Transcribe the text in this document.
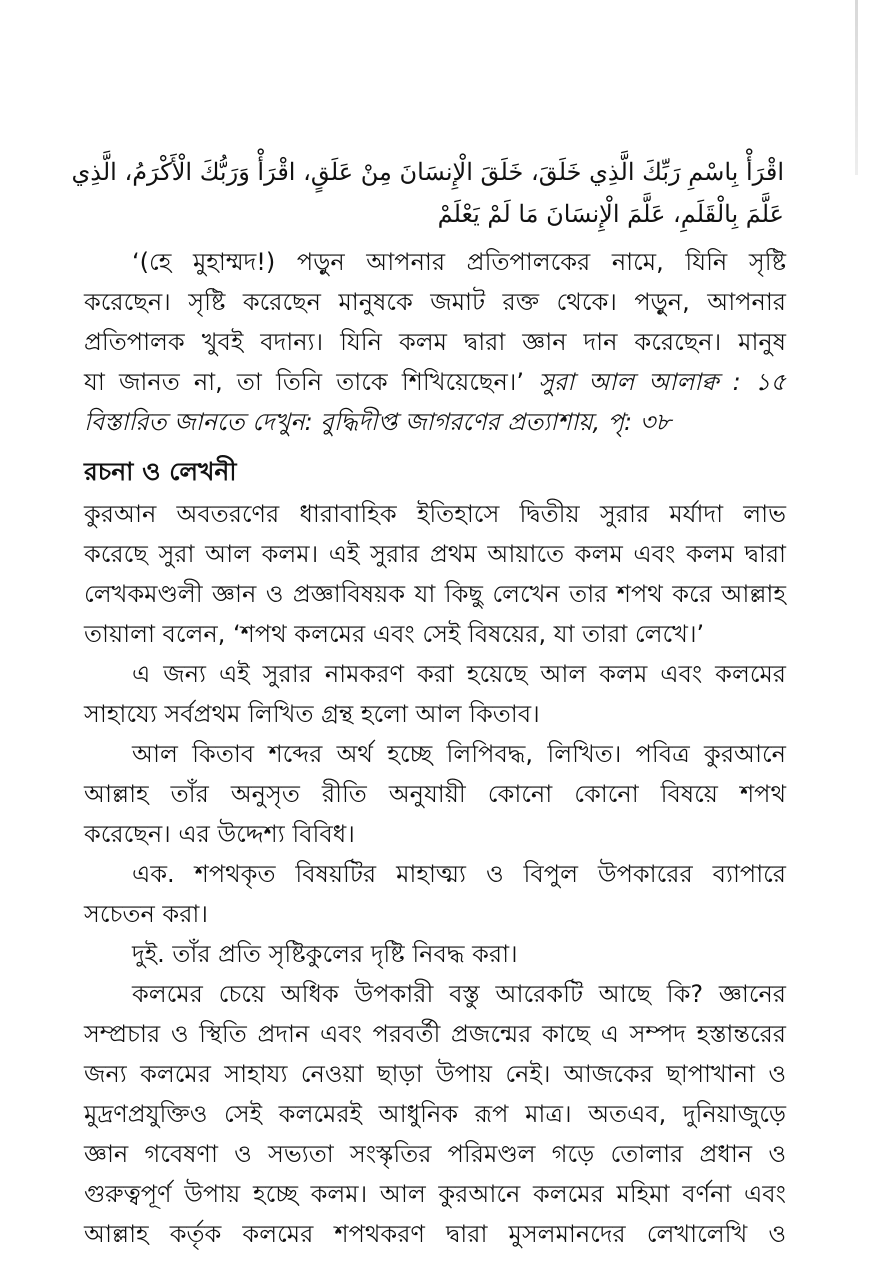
اقْرَأْ بِاسْمِ رَبِّكَ الَّذِي خَلَقَ، خَلَقَ الْإِنسَانَ مِنْ عَلَقٍ، اقْرَأْ وَرَبُّكَ الْأَكْرَمُ، الَّذِي
عَلَّمَ بِالْقَلَمِ، عَلَّمَ الْإِنسَانَ مَا لَمْ يَعْلَمْ
‘(হে মুহাম্মদ!) পড়ুন আপনার প্রতিপালকের নামে, যিনি সৃষ্টি
করেছেন। সৃষ্টি করেছেন মানুষকে জমাট রক্ত থেকে। পড়ুন, আপনার
প্রতিপালক খুবই বদান্য। যিনি কলম দ্বারা জ্ঞান দান করেছেন। মানুষ
যা জানত না, তা তিনি তাকে শিখিয়েছেন।’ সুরা আল আলাক্ব : ১৫
বিস্তারিত জানতে দেখুন: বুদ্ধিদীপ্ত জাগরণের প্রত্যাশায়, পৃ: ৩৮
রচনা ও লেখনী
কুরআন অবতরণের ধারাবাহিক ইতিহাসে দ্বিতীয় সুরার মর্যাদা লাভ
করেছে সুরা আল কলম। এই সুরার প্রথম আয়াতে কলম এবং কলম দ্বারা
লেখকমণ্ডলী জ্ঞান ও প্রজ্ঞাবিষয়ক যা কিছু লেখেন তার শপথ করে আল্লাহ
তায়ালা বলেন, ‘শপথ কলমের এবং সেই বিষয়ের, যা তারা লেখে।’
এ জন্য এই সুরার নামকরণ করা হয়েছে আল কলম এবং কলমের
সাহায্যে সর্বপ্রথম লিখিত গ্রন্থ হলো আল কিতাব।
আল কিতাব শব্দের অর্থ হচ্ছে লিপিবদ্ধ, লিখিত। পবিত্র কুরআনে
আল্লাহ তাঁর অনুসৃত রীতি অনুযায়ী কোনো কোনো বিষয়ে শপথ
করেছেন। এর উদ্দেশ্য বিবিধ।
এক. শপথকৃত বিষয়টির মাহাত্ম্য ও বিপুল উপকারের ব্যাপারে
সচেতন করা।
দুই. তাঁর প্রতি সৃষ্টিকুলের দৃষ্টি নিবদ্ধ করা।
কলমের চেয়ে অধিক উপকারী বস্তু আরেকটি আছে কি? জ্ঞানের
সম্প্রচার ও স্থিতি প্রদান এবং পরবর্তী প্রজন্মের কাছে এ সম্পদ হস্তান্তরের
জন্য কলমের সাহায্য নেওয়া ছাড়া উপায় নেই। আজকের ছাপাখানা ও
মুদ্রণপ্রযুক্তিও সেই কলমেরই আধুনিক রূপ মাত্র। অতএব, দুনিয়াজুড়ে
জ্ঞান গবেষণা ও সভ্যতা সংস্কৃতির পরিমণ্ডল গড়ে তোলার প্রধান ও
গুরুত্বপূর্ণ উপায় হচ্ছে কলম। আল কুরআনে কলমের মহিমা বর্ণনা এবং
আল্লাহ কর্তৃক কলমের শপথকরণ দ্বারা মুসলমানদের লেখালেখি ও
